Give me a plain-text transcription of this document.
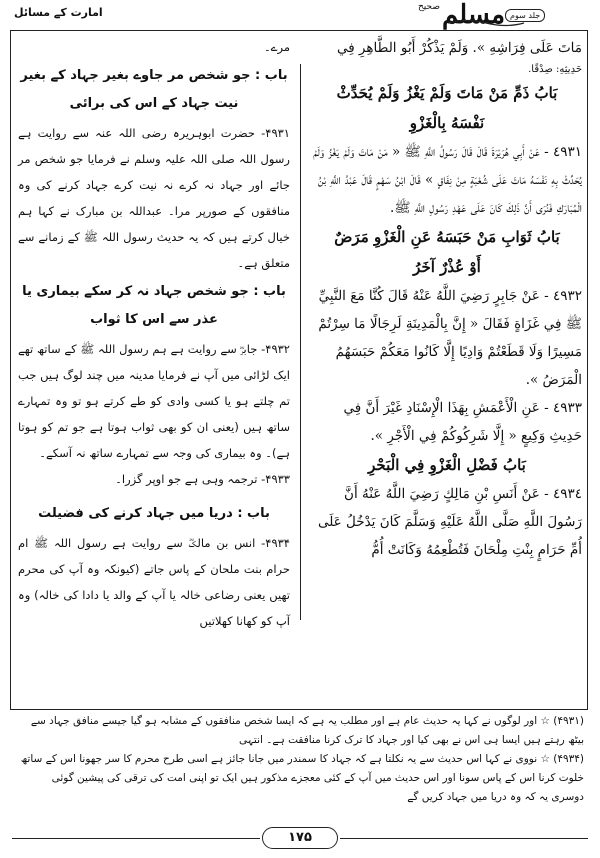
جلد سوم
مسلم
صحیح
امارت کے مسائل

مَاتَ عَلَى فِرَاشِهِ ». وَلَمْ يَذْكُرْ أَبُو الطَّاهِرِ فِي

حَدِيثِهِ: صِدْقًا.

بَابُ ذَمِّ مَنْ مَاتَ وَلَمْ يَغْزُ وَلَمْ يُحَدِّثْ

نَفْسَهُ بِالْغَزْوِ

٤٩٣١ - عَنْ أَبِي هُرَيْرَةَ قَالَ قَالَ رَسُولُ اللَّهِ ﷺ « مَنْ مَاتَ وَلَمْ يَغْزُ وَلَمْ يُحَدِّثْ بِهِ نَفْسَهُ مَاتَ عَلَى شُعْبَةٍ مِنْ نِفَاقٍ » قَالَ ابْنُ سَهْمٍ قَالَ عَبْدُ اللَّهِ بْنُ الْمُبَارَكِ فَنُرَى أَنَّ ذَلِكَ كَانَ عَلَى عَهْدِ رَسُولِ اللَّهِ ﷺ.

بَابُ ثَوَابِ مَنْ حَبَسَهُ عَنِ الْغَزْوِ مَرَضٌ

أَوْ عُذْرٌ آخَرُ

٤٩٣٢ - عَنْ جَابِرٍ رَضِيَ اللَّهُ عَنْهُ قَالَ كُنَّا مَعَ النَّبِيِّ ﷺ فِي غَزَاةٍ فَقَالَ « إِنَّ بِالْمَدِينَةِ لَرِجَالًا مَا سِرْتُمْ مَسِيرًا وَلَا قَطَعْتُمْ وَادِيًا إِلَّا كَانُوا مَعَكُمْ حَبَسَهُمُ الْمَرَضُ ».

٤٩٣٣ - عَنِ الْأَعْمَشِ بِهَذَا الْإِسْنَادِ غَيْرَ أَنَّ فِي حَدِيثِ وَكِيعٍ « إِلَّا شَرِكُوكُمْ فِي الْأَجْرِ ».

بَابُ فَضْلِ الْغَزْوِ فِي الْبَحْرِ

٤٩٣٤ - عَنْ أَنَسِ بْنِ مَالِكٍ رَضِيَ اللَّهُ عَنْهُ أَنَّ رَسُولَ اللَّهِ صَلَّى اللَّهُ عَلَيْهِ وَسَلَّمَ كَانَ يَدْخُلُ عَلَى أُمِّ حَرَامٍ بِنْتِ مِلْحَانَ فَتُطْعِمُهُ وَكَانَتْ أُمُّ

مرے۔

باب : جو شخص مر جاوے بغیر جہاد کے بغیر نیت جہاد کے اس کی برائی

۴۹۳۱- حضرت ابوہریرہ رضی اللہ عنہ سے روایت ہے رسول اللہ صلی اللہ علیہ وسلم نے فرمایا جو شخص مر جائے اور جہاد نہ کرے نہ نیت کرے جہاد کرنے کی وہ منافقوں کے صورپر مرا۔ عبداللہ بن مبارک نے کہا ہم خیال کرتے ہیں کہ یہ حدیث رسول اللہ ﷺ کے زمانے سے متعلق ہے۔

باب : جو شخص جہاد نہ کر سکے بیماری یا عذر سے اس کا ثواب

۴۹۳۲- جابرؓ سے روایت ہے ہم رسول اللہ ﷺ کے ساتھ تھے ایک لڑائی میں آپ نے فرمایا مدینہ میں چند لوگ ہیں جب تم چلتے ہو یا کسی وادی کو طے کرتے ہو تو وہ تمہارے ساتھ ہیں (یعنی ان کو بھی ثواب ہوتا ہے جو تم کو ہوتا ہے)۔ وہ بیماری کی وجہ سے تمہارے ساتھ نہ آسکے۔

۴۹۳۳- ترجمہ وہی ہے جو اوپر گزرا۔

باب : دریا میں جہاد کرنے کی فضیلت

۴۹۳۴- انس بن مالکؓ سے روایت ہے رسول اللہ ﷺ ام حرام بنت ملحان کے پاس جاتے (کیونکہ وہ آپ کی محرم تھیں یعنی رضاعی خالہ یا آپ کے والد یا دادا کی خالہ) وہ آپ کو کھانا کھلاتیں

(۴۹۳۱) ☆ اور لوگوں نے کہا یہ حدیث عام ہے اور مطلب یہ ہے کہ ایسا شخص منافقوں کے مشابہ ہو گیا جیسے منافق جہاد سے بیٹھ رہتے ہیں ایسا ہی اس نے بھی کیا اور جہاد کا ترک کرنا منافقت ہے۔ انتہی

(۴۹۳۴) ☆ نووی نے کہا اس حدیث سے یہ نکلتا ہے کہ جہاد کا سمندر میں جانا جائز ہے اسی طرح محرم کا سر جھونا اس کے ساتھ خلوت کرنا اس کے پاس سونا اور اس حدیث میں آپ کے کئی معجزے مذکور ہیں ایک تو اپنی امت کی ترقی کی پیشین گوئی دوسری یہ کہ وہ دریا میں جہاد کریں گے

۱۷۵
